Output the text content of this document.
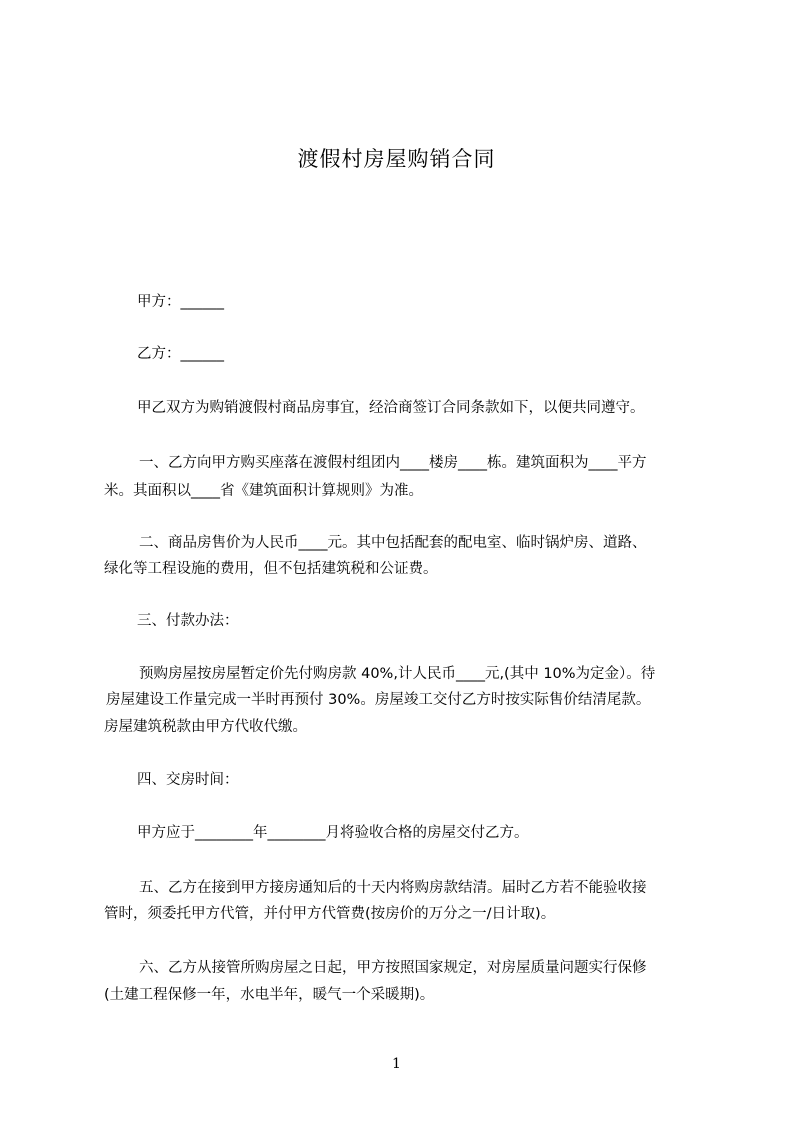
渡假村房屋购销合同
甲方：______
乙方：______
甲乙双方为购销渡假村商品房事宜，经洽商签订合同条款如下，以便共同遵守。
一、乙方向甲方购买座落在渡假村组团内____楼房____栋。建筑面积为____平方
米。其面积以____省《建筑面积计算规则》为准。
二、商品房售价为人民币____元。其中包括配套的配电室、临时锅炉房、道路、
绿化等工程设施的费用，但不包括建筑税和公证费。
三、付款办法：
预购房屋按房屋暂定价先付购房款 40%,计人民币____元,(其中 10%为定金）。待
房屋建设工作量完成一半时再预付 30%。房屋竣工交付乙方时按实际售价结清尾款。
房屋建筑税款由甲方代收代缴。
四、交房时间：
甲方应于________年________月将验收合格的房屋交付乙方。
五、乙方在接到甲方接房通知后的十天内将购房款结清。届时乙方若不能验收接
管时，须委托甲方代管，并付甲方代管费(按房价的万分之一/日计取)。
六、乙方从接管所购房屋之日起，甲方按照国家规定，对房屋质量问题实行保修
(土建工程保修一年，水电半年，暖气一个采暖期)。
1
